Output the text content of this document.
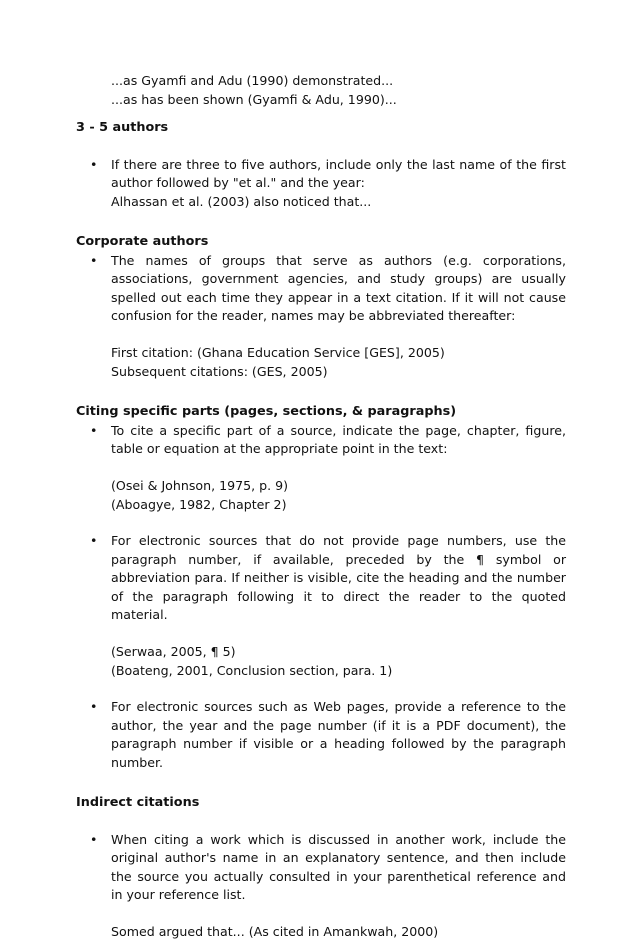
...as Gyamfi and Adu (1990) demonstrated...

...as has been shown (Gyamfi & Adu, 1990)...

3 - 5 authors

• If there are three to five authors, include only the last name of the first author followed by "et al." and the year:

Alhassan et al. (2003) also noticed that...

Corporate authors

• The names of groups that serve as authors (e.g. corporations, associations, government agencies, and study groups) are usually spelled out each time they appear in a text citation. If it will not cause confusion for the reader, names may be abbreviated thereafter:

First citation: (Ghana Education Service [GES], 2005)

Subsequent citations: (GES, 2005)

Citing specific parts (pages, sections, & paragraphs)

• To cite a specific part of a source, indicate the page, chapter, figure, table or equation at the appropriate point in the text:

(Osei & Johnson, 1975, p. 9)

(Aboagye, 1982, Chapter 2)

• For electronic sources that do not provide page numbers, use the paragraph number, if available, preceded by the ¶ symbol or abbreviation para. If neither is visible, cite the heading and the number of the paragraph following it to direct the reader to the quoted material.

(Serwaa, 2005, ¶ 5)

(Boateng, 2001, Conclusion section, para. 1)

• For electronic sources such as Web pages, provide a reference to the author, the year and the page number (if it is a PDF document), the paragraph number if visible or a heading followed by the paragraph number.

Indirect citations

• When citing a work which is discussed in another work, include the original author's name in an explanatory sentence, and then include the source you actually consulted in your parenthetical reference and in your reference list.

Somed argued that... (As cited in Amankwah, 2000)
